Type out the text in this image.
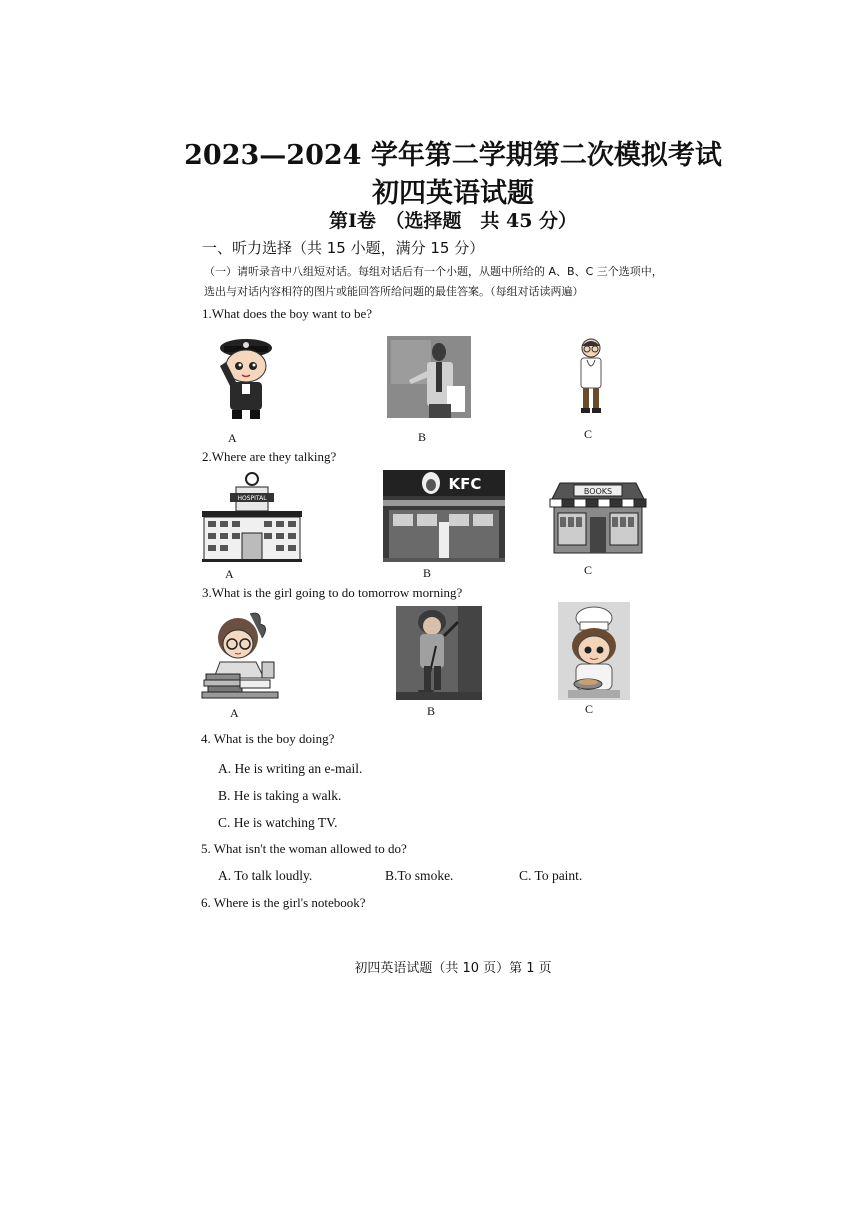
2023—2024 学年第二学期第二次模拟考试
初四英语试题
第Ⅰ卷　（选择题　共 45 分）
一、听力选择（共 15 小题，满分 15 分）
（一）请听录音中八组短对话。每组对话后有一个小题，从题中所给的 A、B、C 三个选项中，
选出与对话内容相符的图片或能回答所给问题的最佳答案。（每组对话读两遍）
1.What does the boy want to be?
A	B	C
2.Where are they talking?
HOSPITAL
KFC	BOOKS
A	B	C
3.What is the girl going to do tomorrow morning?
A	B	C
4. What is the boy doing?
A. He is writing an e-mail.
B. He is taking a walk.
C. He is watching TV.
5. What isn't the woman allowed to do?
A. To talk loudly.	B.To smoke.	C. To paint.
6. Where is the girl's notebook?
初四英语试题（共 10 页）第 1 页
